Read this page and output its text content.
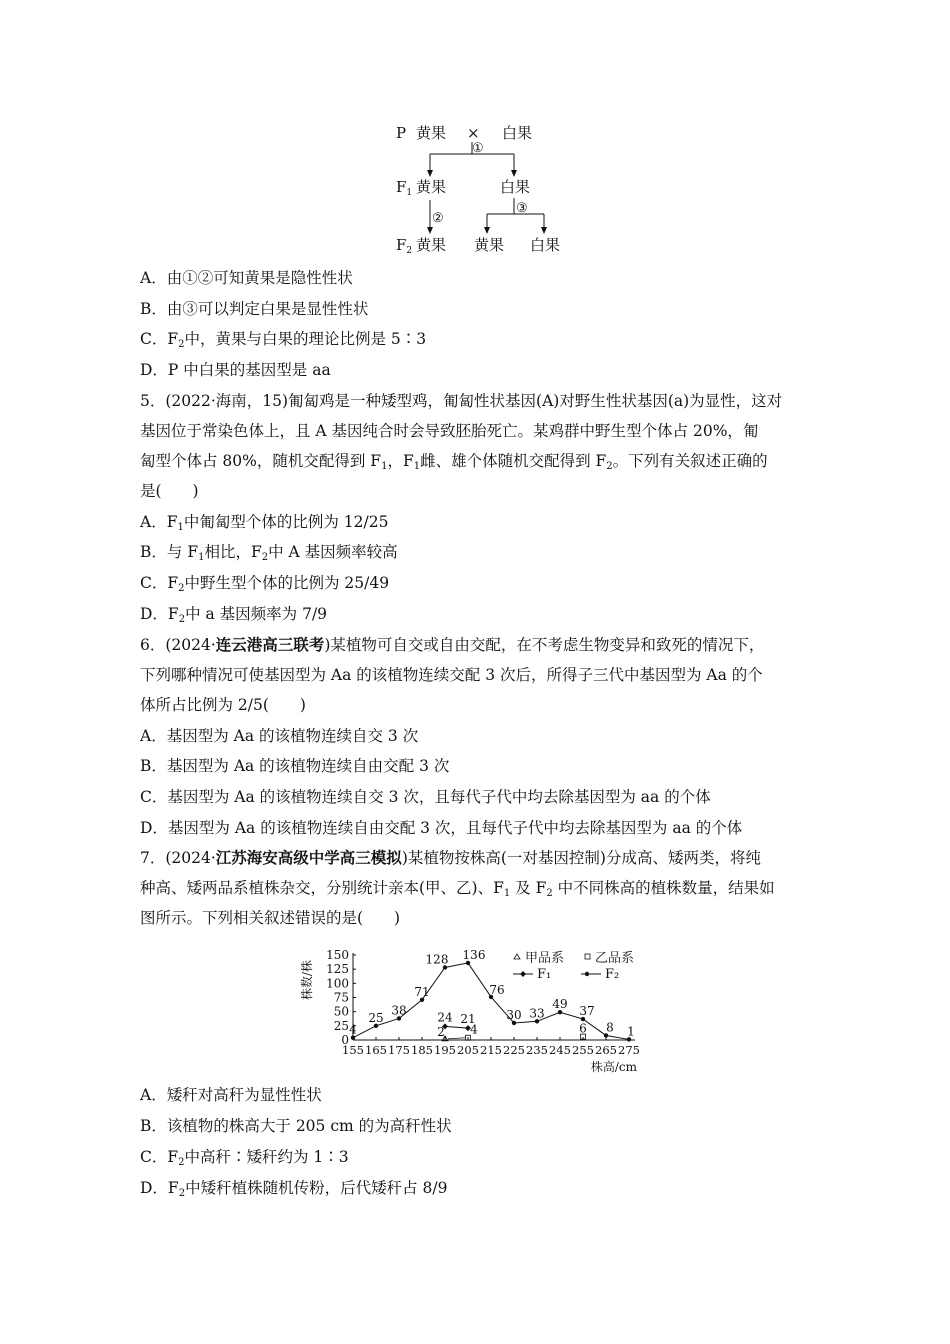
P 黄果 × 白果
①
$F_1$ 黄果	白果
②
③
$F_2$ 黄果 黄果 白果
A．由①②可知黄果是隐性性状
B．由③可以判定白果是显性性状
C．$F_2$中，黄果与白果的理论比例是 5∶3
D．P 中白果的基因型是 aa
5．(2022·海南，15)匍匐鸡是一种矮型鸡，匍匐性状基因(A)对野生性状基因(a)为显性，这对
基因位于常染色体上，且 A 基因纯合时会导致胚胎死亡。某鸡群中野生型个体占 20%，匍
匐型个体占 80%，随机交配得到 $F_1$，$F_1$雌、雄个体随机交配得到 $F_2$。下列有关叙述正确的
是(　　)
A．$F_1$中匍匐型个体的比例为 12/25
B．与 $F_1$相比，$F_2$中 A 基因频率较高
C．$F_2$中野生型个体的比例为 25/49
D．$F_2$中 a 基因频率为 7/9
6．(2024·连云港高三联考)某植物可自交或自由交配，在不考虑生物变异和致死的情况下，
下列哪种情况可使基因型为 Aa 的该植物连续交配 3 次后，所得子三代中基因型为 Aa 的个
体所占比例为 2/5(　　)
A．基因型为 Aa 的该植物连续自交 3 次
B．基因型为 Aa 的该植物连续自由交配 3 次
C．基因型为 Aa 的该植物连续自交 3 次，且每代子代中均去除基因型为 aa 的个体
D．基因型为 Aa 的该植物连续自由交配 3 次，且每代子代中均去除基因型为 aa 的个体
7．(2024·江苏海安高级中学高三模拟)某植物按株高(一对基因控制)分成高、矮两类，将纯
种高、矮两品系植株杂交，分别统计亲本(甲、乙)、$F_1$ 及 $F_2$ 中不同株高的植株数量，结果如
图所示。下列相关叙述错误的是(　　)
0
25
50
75
100
125
150
155 165 175 185 195 205 215 225 235 245 255 265 275
株数/株
株高/cm
4
25
38
71
128 136
76
30 33
49 37
8 1
24 21
2 4	6
甲品系 乙品系
F₁	F₂
A．矮秆对高秆为显性性状
B．该植物的株高大于 205 cm 的为高秆性状
C．$F_2$中高秆∶矮秆约为 1∶3
D．$F_2$中矮秆植株随机传粉，后代矮秆占 8/9
